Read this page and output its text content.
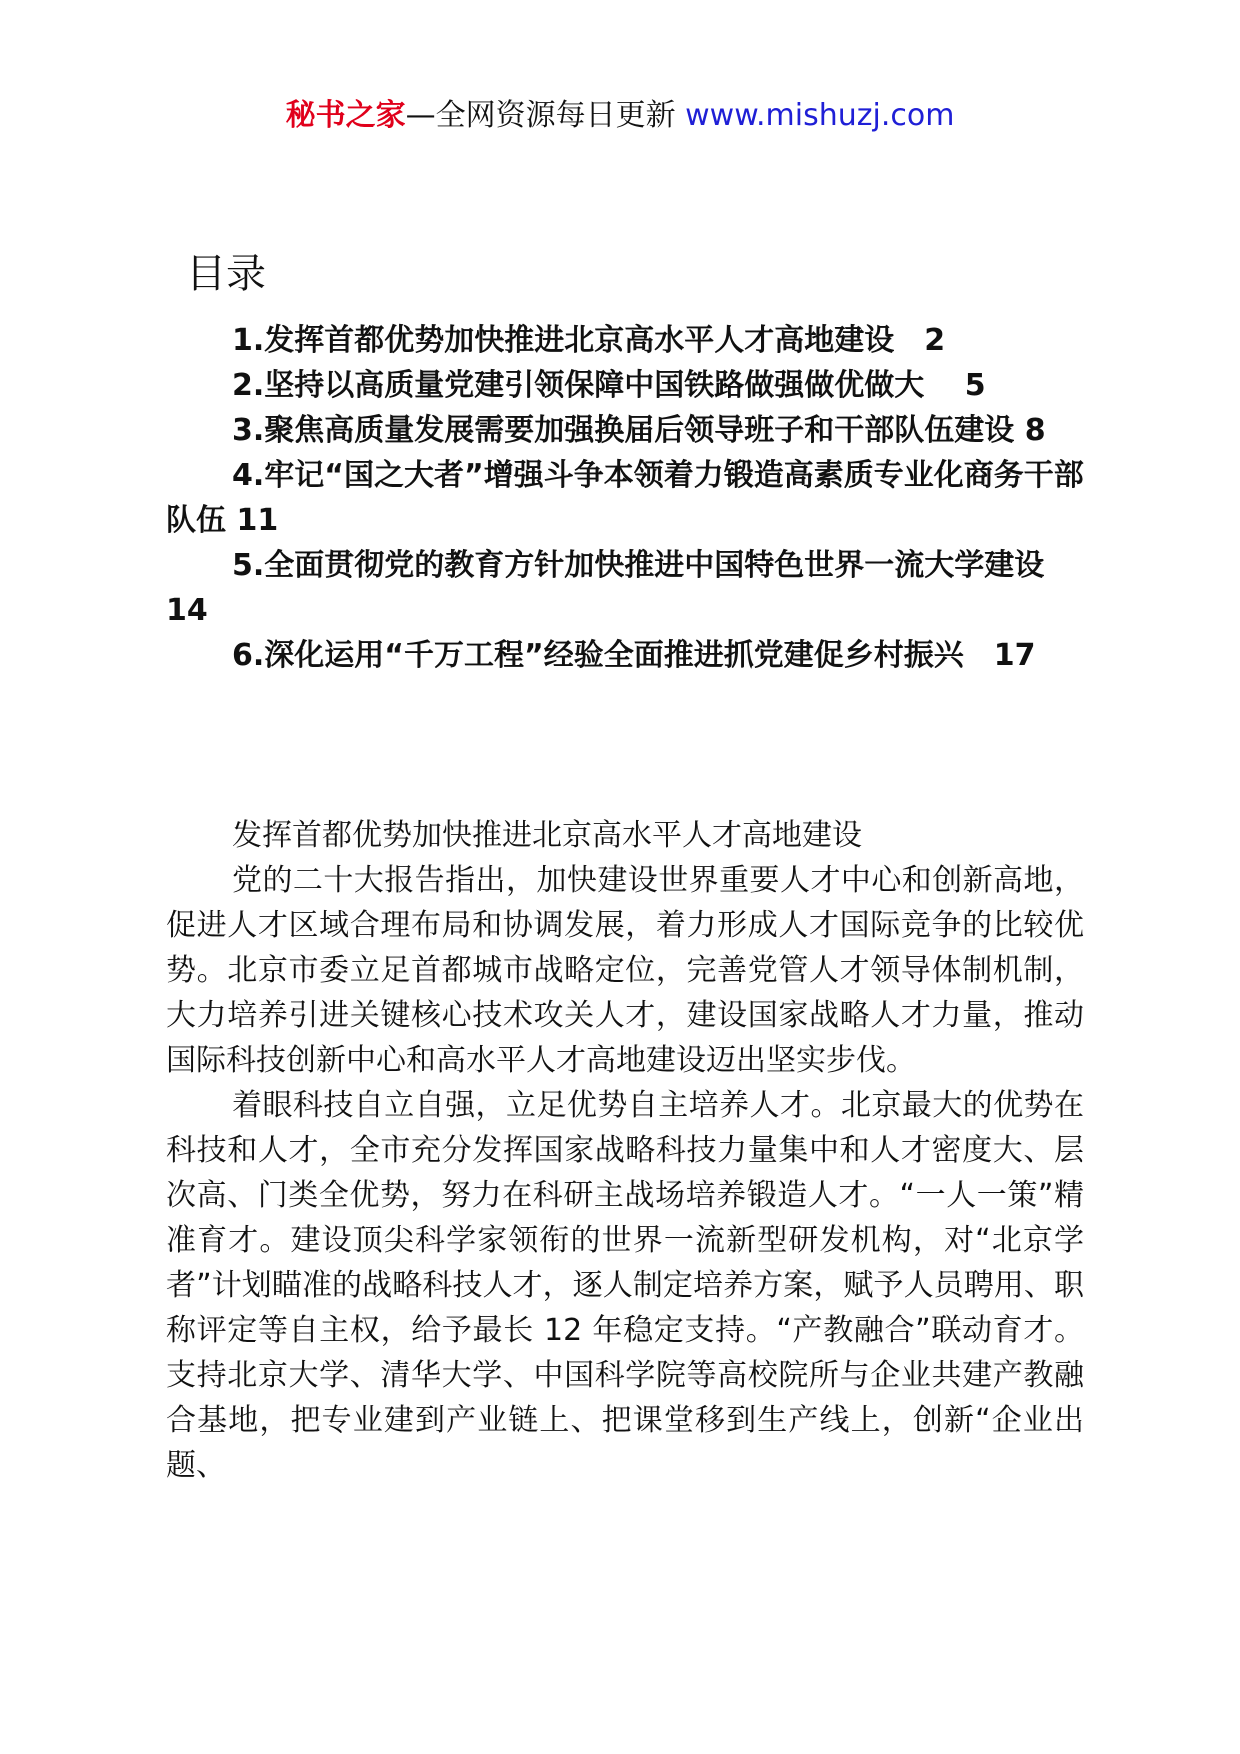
秘书之家—全网资源每日更新 www.mishuzj.com
目录
1.发挥首都优势加快推进北京高水平人才高地建设　2
2.坚持以高质量党建引领保障中国铁路做强做优做大　 5
3.聚焦高质量发展需要加强换届后领导班子和干部队伍建设 8
4.牢记“国之大者”增强斗争本领着力锻造高素质专业化商务干部队伍 11
5.全面贯彻党的教育方针加快推进中国特色世界一流大学建设 14
6.深化运用“千万工程”经验全面推进抓党建促乡村振兴　17
发挥首都优势加快推进北京高水平人才高地建设

党的二十大报告指出，加快建设世界重要人才中心和创新高地，促进人才区域合理布局和协调发展，着力形成人才国际竞争的比较优势。北京市委立足首都城市战略定位，完善党管人才领导体制机制，大力培养引进关键核心技术攻关人才，建设国家战略人才力量，推动国际科技创新中心和高水平人才高地建设迈出坚实步伐。

着眼科技自立自强，立足优势自主培养人才。北京最大的优势在科技和人才，全市充分发挥国家战略科技力量集中和人才密度大、层次高、门类全优势，努力在科研主战场培养锻造人才。“一人一策”精准育才。建设顶尖科学家领衔的世界一流新型研发机构，对“北京学者”计划瞄准的战略科技人才，逐人制定培养方案，赋予人员聘用、职称评定等自主权，给予最长 12 年稳定支持。“产教融合”联动育才。支持北京大学、清华大学、中国科学院等高校院所与企业共建产教融合基地，把专业建到产业链上、把课堂移到生产线上，创新“企业出题、
